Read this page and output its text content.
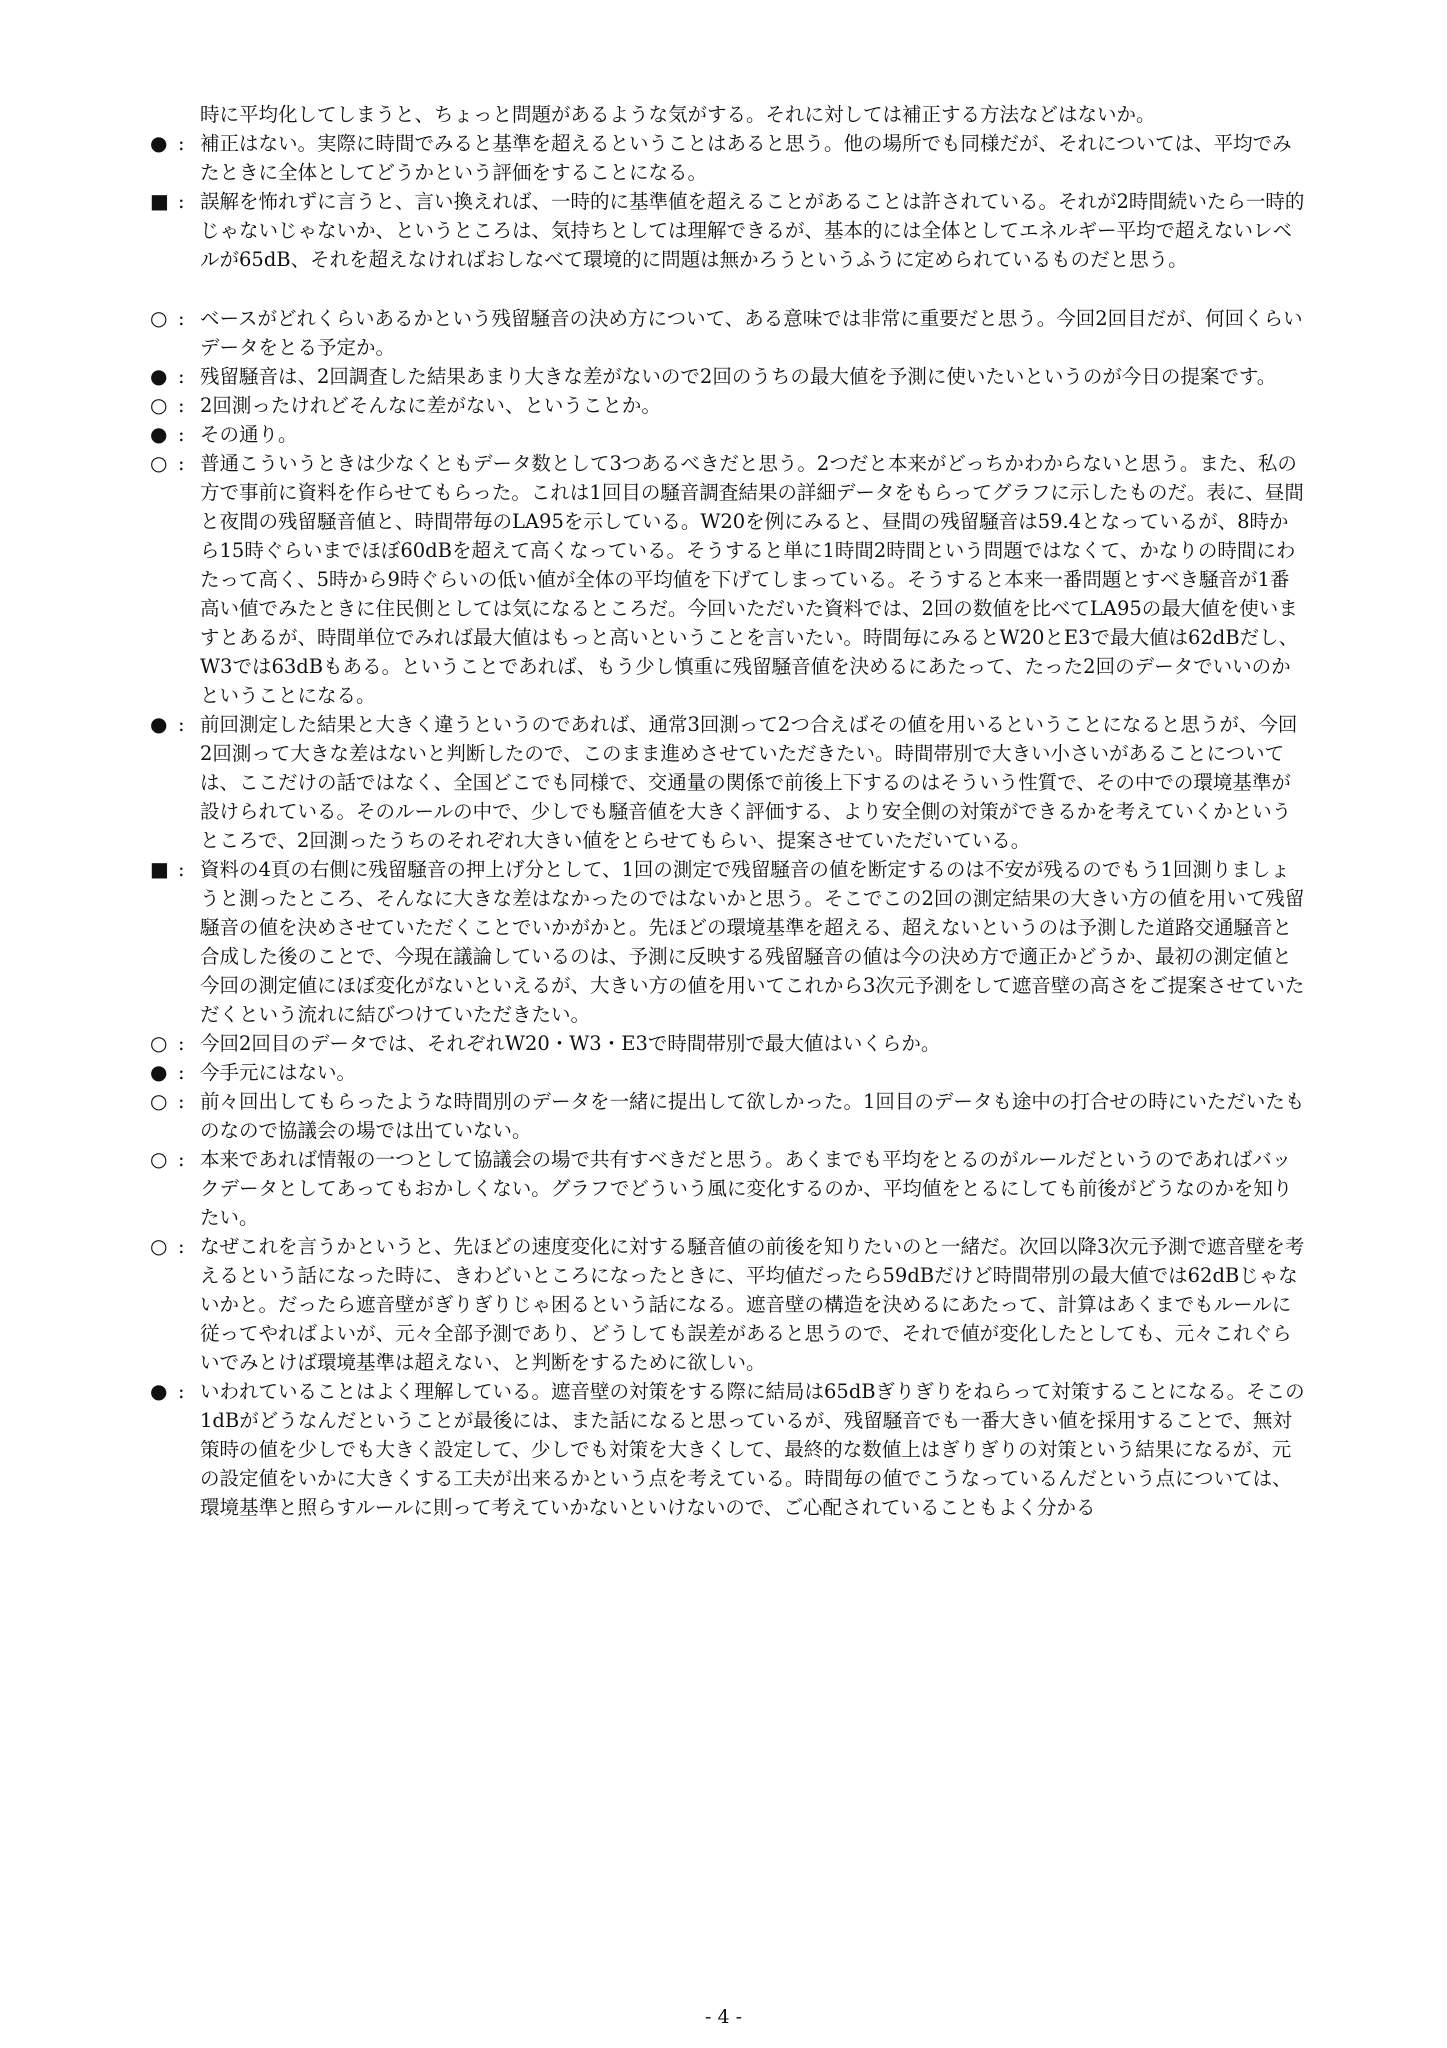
時に平均化してしまうと、ちょっと問題があるような気がする。それに対しては補正する方法などはないか。

● : 補正はない。実際に時間でみると基準を超えるということはあると思う。他の場所でも同様だが、それについては、平均でみたときに全体としてどうかという評価をすることになる。
■ : 誤解を怖れずに言うと、言い換えれば、一時的に基準値を超えることがあることは許されている。それが2時間続いたら一時的じゃないじゃないか、というところは、気持ちとしては理解できるが、基本的には全体としてエネルギー平均で超えないレベルが65dB、それを超えなければおしなべて環境的に問題は無かろうというふうに定められているものだと思う。
○ : ベースがどれくらいあるかという残留騒音の決め方について、ある意味では非常に重要だと思う。今回2回目だが、何回くらいデータをとる予定か。
● : 残留騒音は、2回調査した結果あまり大きな差がないので2回のうちの最大値を予測に使いたいというのが今日の提案です。
○ : 2回測ったけれどそんなに差がない、ということか。
● : その通り。
○ : 普通こういうときは少なくともデータ数として3つあるべきだと思う。2つだと本来がどっちかわからないと思う。また、私の方で事前に資料を作らせてもらった。これは1回目の騒音調査結果の詳細データをもらってグラフに示したものだ。表に、昼間と夜間の残留騒音値と、時間帯毎のLA95を示している。W20を例にみると、昼間の残留騒音は59.4となっているが、8時から15時ぐらいまでほぼ60dBを超えて高くなっている。そうすると単に1時間2時間という問題ではなくて、かなりの時間にわたって高く、5時から9時ぐらいの低い値が全体の平均値を下げてしまっている。そうすると本来一番問題とすべき騒音が1番高い値でみたときに住民側としては気になるところだ。今回いただいた資料では、2回の数値を比べてLA95の最大値を使いますとあるが、時間単位でみれば最大値はもっと高いということを言いたい。時間毎にみるとW20とE3で最大値は62dBだし、W3では63dBもある。ということであれば、もう少し慎重に残留騒音値を決めるにあたって、たった2回のデータでいいのかということになる。
● : 前回測定した結果と大きく違うというのであれば、通常3回測って2つ合えばその値を用いるということになると思うが、今回2回測って大きな差はないと判断したので、このまま進めさせていただきたい。時間帯別で大きい小さいがあることについては、ここだけの話ではなく、全国どこでも同様で、交通量の関係で前後上下するのはそういう性質で、その中での環境基準が設けられている。そのルールの中で、少しでも騒音値を大きく評価する、より安全側の対策ができるかを考えていくかというところで、2回測ったうちのそれぞれ大きい値をとらせてもらい、提案させていただいている。
■ : 資料の4頁の右側に残留騒音の押上げ分として、1回の測定で残留騒音の値を断定するのは不安が残るのでもう1回測りましょうと測ったところ、そんなに大きな差はなかったのではないかと思う。そこでこの2回の測定結果の大きい方の値を用いて残留騒音の値を決めさせていただくことでいかがかと。先ほどの環境基準を超える、超えないというのは予測した道路交通騒音と合成した後のことで、今現在議論しているのは、予測に反映する残留騒音の値は今の決め方で適正かどうか、最初の測定値と今回の測定値にほぼ変化がないといえるが、大きい方の値を用いてこれから3次元予測をして遮音壁の高さをご提案させていただくという流れに結びつけていただきたい。
○ : 今回2回目のデータでは、それぞれW20・W3・E3で時間帯別で最大値はいくらか。
● : 今手元にはない。
○ : 前々回出してもらったような時間別のデータを一緒に提出して欲しかった。1回目のデータも途中の打合せの時にいただいたものなので協議会の場では出ていない。
○ : 本来であれば情報の一つとして協議会の場で共有すべきだと思う。あくまでも平均をとるのがルールだというのであればバックデータとしてあってもおかしくない。グラフでどういう風に変化するのか、平均値をとるにしても前後がどうなのかを知りたい。
○ : なぜこれを言うかというと、先ほどの速度変化に対する騒音値の前後を知りたいのと一緒だ。次回以降3次元予測で遮音壁を考えるという話になった時に、きわどいところになったときに、平均値だったら59dBだけど時間帯別の最大値では62dBじゃないかと。だったら遮音壁がぎりぎりじゃ困るという話になる。遮音壁の構造を決めるにあたって、計算はあくまでもルールに従ってやればよいが、元々全部予測であり、どうしても誤差があると思うので、それで値が変化したとしても、元々これぐらいでみとけば環境基準は超えない、と判断をするために欲しい。
● : いわれていることはよく理解している。遮音壁の対策をする際に結局は65dBぎりぎりをねらって対策することになる。そこの1dBがどうなんだということが最後には、また話になると思っているが、残留騒音でも一番大きい値を採用することで、無対策時の値を少しでも大きく設定して、少しでも対策を大きくして、最終的な数値上はぎりぎりの対策という結果になるが、元の設定値をいかに大きくする工夫が出来るかという点を考えている。時間毎の値でこうなっているんだという点については、環境基準と照らすルールに則って考えていかないといけないので、ご心配されていることもよく分かる
- 4 -
